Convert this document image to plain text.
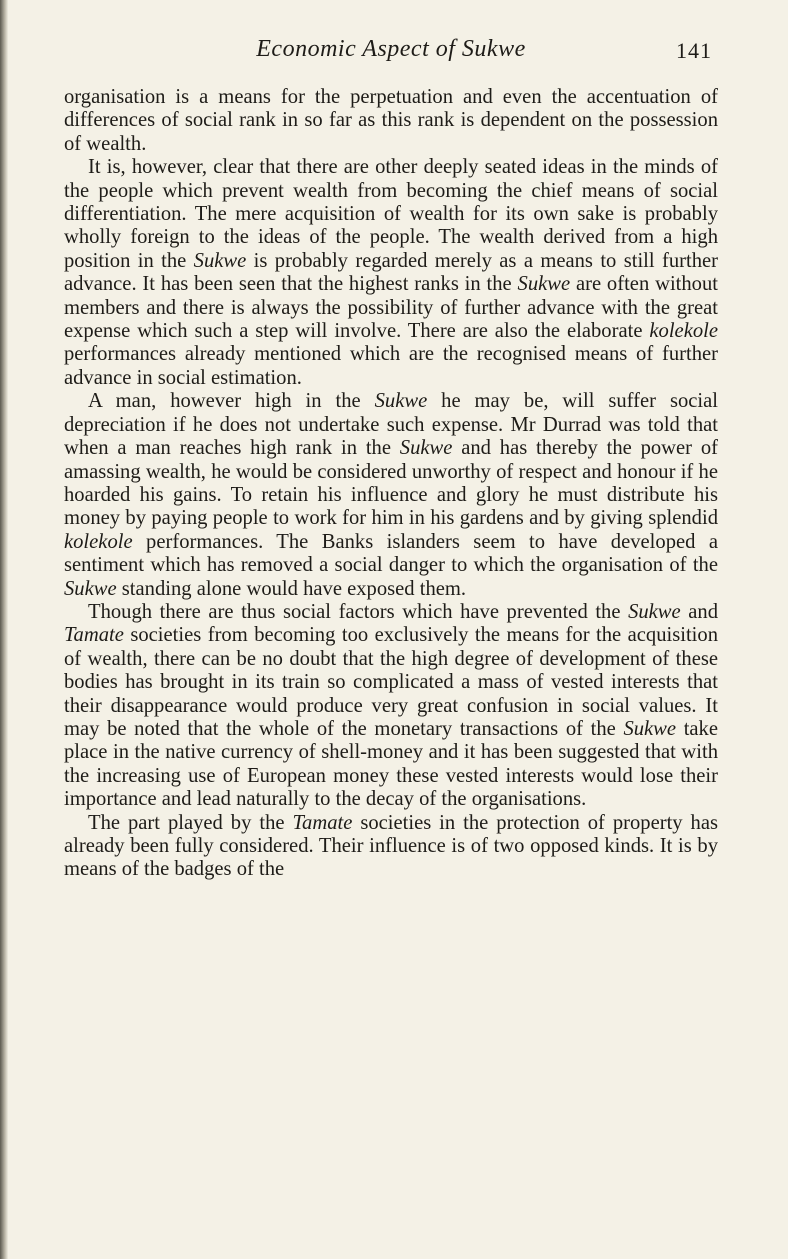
Economic Aspect of Sukwe	141

organisation is a means for the perpetuation and even the accentuation of differences of social rank in so far as this rank is dependent on the possession of wealth.

It is, however, clear that there are other deeply seated ideas in the minds of the people which prevent wealth from becoming the chief means of social differentiation. The mere acquisition of wealth for its own sake is probably wholly foreign to the ideas of the people. The wealth derived from a high position in the Sukwe is probably regarded merely as a means to still further advance. It has been seen that the highest ranks in the Sukwe are often without members and there is always the possibility of further advance with the great expense which such a step will involve. There are also the elaborate kolekole performances already mentioned which are the recognised means of further advance in social estimation.

A man, however high in the Sukwe he may be, will suffer social depreciation if he does not undertake such expense. Mr Durrad was told that when a man reaches high rank in the Sukwe and has thereby the power of amassing wealth, he would be considered unworthy of respect and honour if he hoarded his gains. To retain his influence and glory he must distribute his money by paying people to work for him in his gardens and by giving splendid kolekole performances. The Banks islanders seem to have developed a sentiment which has removed a social danger to which the organisation of the Sukwe standing alone would have exposed them.

Though there are thus social factors which have prevented the Sukwe and Tamate societies from becoming too exclusively the means for the acquisition of wealth, there can be no doubt that the high degree of development of these bodies has brought in its train so complicated a mass of vested interests that their disappearance would produce very great confusion in social values. It may be noted that the whole of the monetary transactions of the Sukwe take place in the native currency of shell-money and it has been suggested that with the increasing use of European money these vested interests would lose their importance and lead naturally to the decay of the organisations.

The part played by the Tamate societies in the protection of property has already been fully considered. Their influence is of two opposed kinds. It is by means of the badges of the
